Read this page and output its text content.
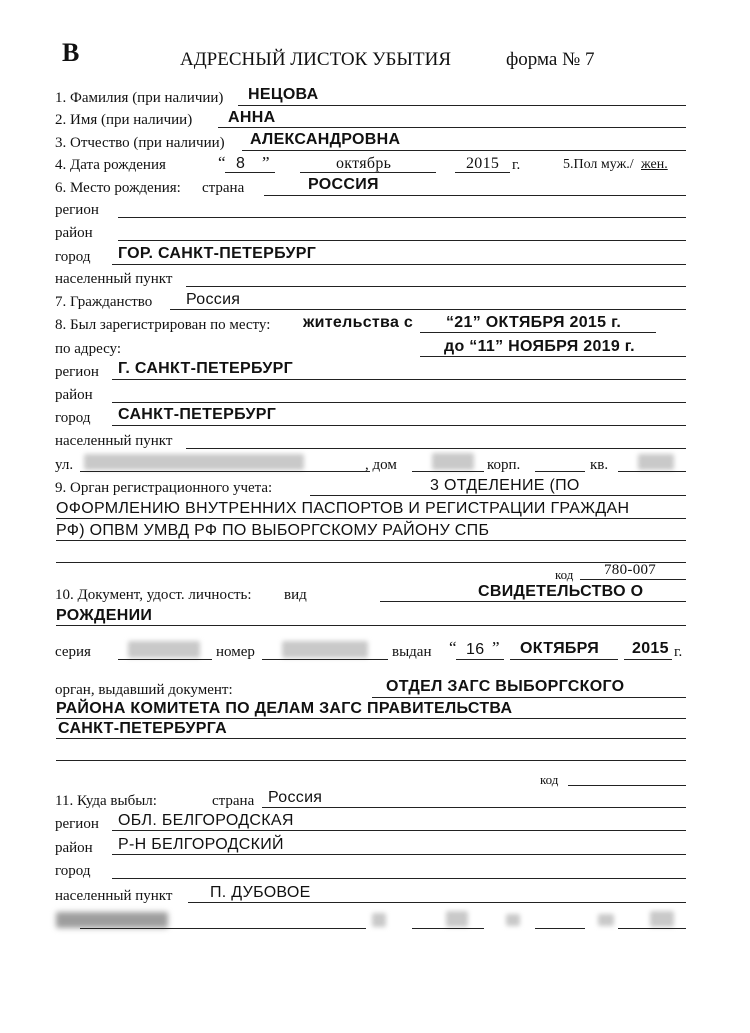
В	АДРЕСНЫЙ ЛИСТОК УБЫТИЯ	форма № 7
1. Фамилия (при наличии) НЕЦОВА
2. Имя (при наличии) АННА
3. Отчество (при наличии) АЛЕКСАНДРОВНА
4. Дата рождения	“ 8 ”	октябрь	2015 г.	5.Пол муж./ жен.
6. Место рождения: страна	РОССИЯ
регион
район
город ГОР. САНКТ-ПЕТЕРБУРГ
населенный пункт
7. Гражданство Россия
8. Был зарегистрирован по месту: жительства с “21” ОКТЯБРЯ 2015 г.
по адресу:	до “11” НОЯБРЯ 2019 г.
регион Г. САНКТ-ПЕТЕРБУРГ
район
город САНКТ-ПЕТЕРБУРГ
населенный пункт
ул.	, дом	корп.	кв.
9. Орган регистрационного учета:	3 ОТДЕЛЕНИЕ (ПО
ОФОРМЛЕНИЮ ВНУТРЕННИХ ПАСПОРТОВ И РЕГИСТРАЦИИ ГРАЖДАН
РФ) ОПВМ УМВД РФ ПО ВЫБОРГСКОМУ РАЙОНУ СПБ
код 780-007
10. Документ, удост. личность: вид	СВИДЕТЕЛЬСТВО О
РОЖДЕНИИ
серия	номер	выдан “ 16 ” ОКТЯБРЯ 2015 г.
орган, выдавший документ:	ОТДЕЛ ЗАГС ВЫБОРГСКОГО
РАЙОНА КОМИТЕТА ПО ДЕЛАМ ЗАГС ПРАВИТЕЛЬСТВА
САНКТ-ПЕТЕРБУРГА
код
11. Куда выбыл:	страна Россия
регион ОБЛ. БЕЛГОРОДСКАЯ
район Р-Н БЕЛГОРОДСКИЙ
город
населенный пункт П. ДУБОВОЕ
